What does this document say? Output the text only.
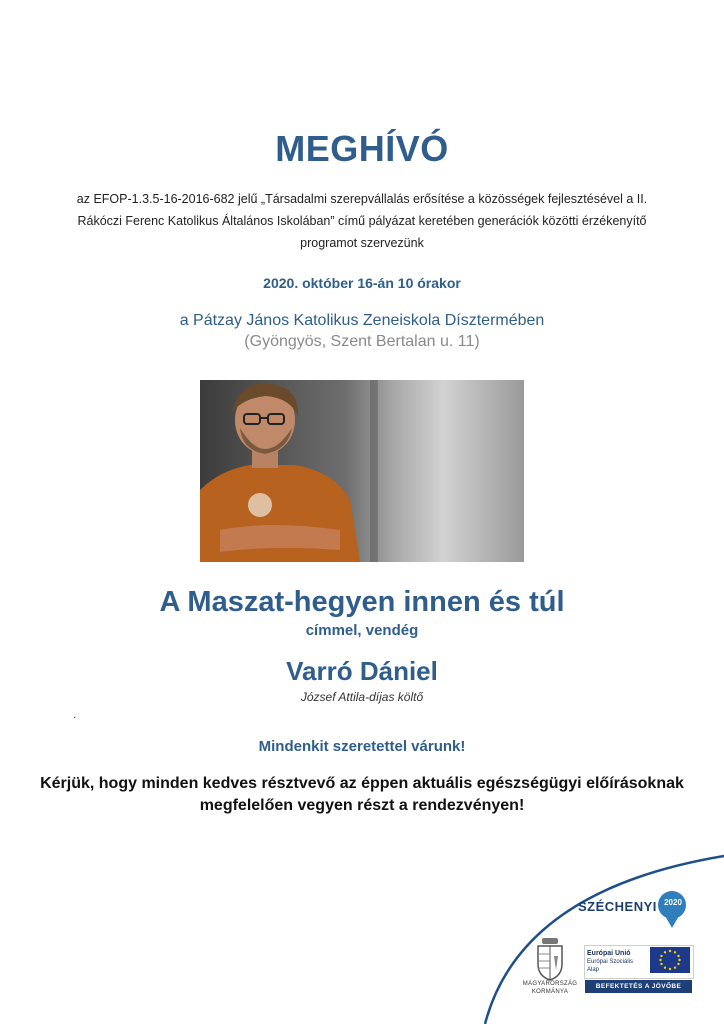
MEGHÍVÓ
az EFOP-1.3.5-16-2016-682 jelű „Társadalmi szerepvállalás erősítése a közösségek fejlesztésével a II. Rákóczi Ferenc Katolikus Általános Iskolában” című pályázat keretében generációk közötti érzékenyítő programot szervezünk
2020. október 16-án 10 órakor
a Pátzay János Katolikus Zeneiskola Dísztermében
(Gyöngyös, Szent Bertalan u. 11)
A Maszat-hegyen innen és túl
címmel, vendég
Varró Dániel
József Attila-díjas költő
.
Mindenkit szeretettel várunk!
Kérjük, hogy minden kedves résztvevő az éppen aktuális egészségügyi előírásoknak megfelelően vegyen részt a rendezvényen!
SZÉCHENYI 2020
MAGYARORSZÁG KORMÁNYA
Európai Unió
Európai Szociális
Alap
BEFEKTETÉS A JÖVŐBE
